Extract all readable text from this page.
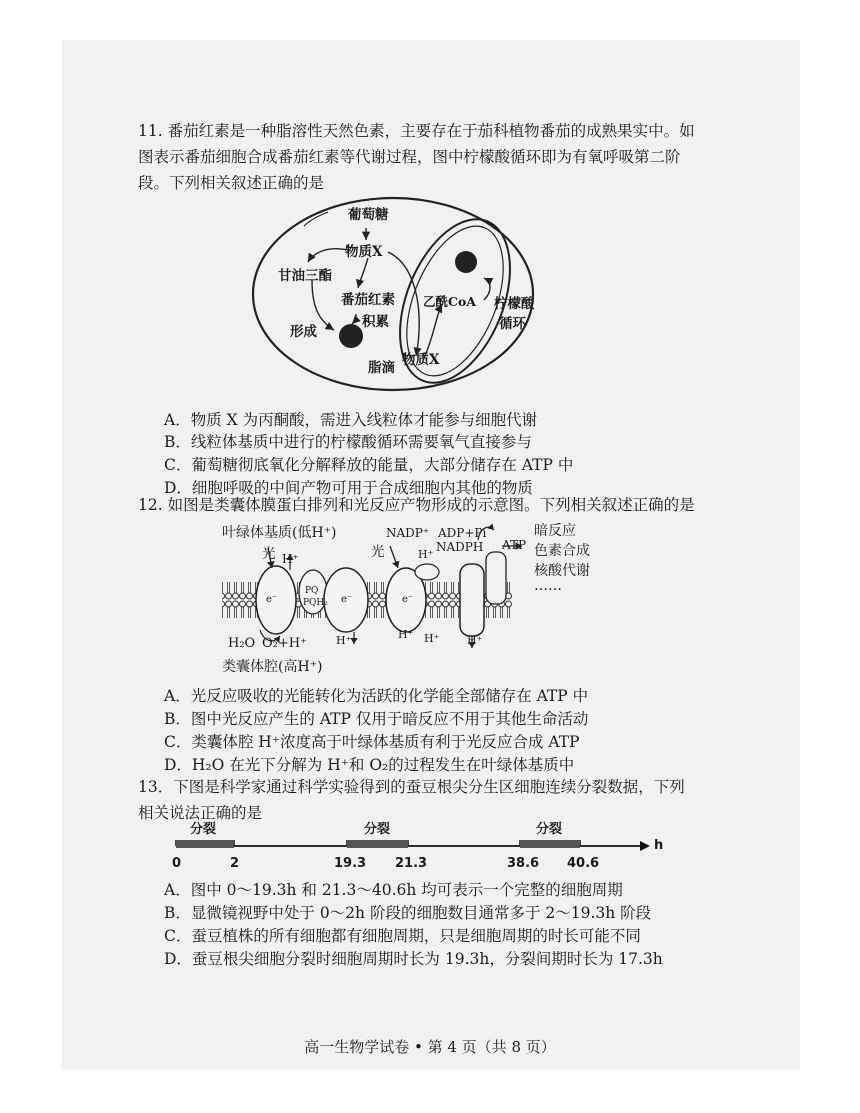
11. 番茄红素是一种脂溶性天然色素，主要存在于茄科植物番茄的成熟果实中。如图表示番茄细胞合成番茄红素等代谢过程，图中柠檬酸循环即为有氧呼吸第二阶段。下列相关叙述正确的是
葡萄糖
物质X
甘油三酯
番茄红素
积累
形成
脂滴
乙酰CoA 柠檬酸
循环
物质X
A．物质 X 为丙酮酸，需进入线粒体才能参与细胞代谢
B．线粒体基质中进行的柠檬酸循环需要氧气直接参与
C．葡萄糖彻底氧化分解释放的能量，大部分储存在 ATP 中
D．细胞呼吸的中间产物可用于合成细胞内其他的物质
12. 如图是类囊体膜蛋白排列和光反应产物形成的示意图。下列相关叙述正确的是
叶绿体基质(低H⁺)
光 H⁺	光
NADP⁺ ADP+Pi
NADPH
H⁺
ATP
暗反应
色素合成
核酸代谢
……
e⁻	e⁻	e⁻
PQ
PQH₂
H⁺	H⁺ H⁺	H⁺
H₂O O₂+H⁺
类囊体腔(高H⁺)
A．光反应吸收的光能转化为活跃的化学能全部储存在 ATP 中
B．图中光反应产生的 ATP 仅用于暗反应不用于其他生命活动
C．类囊体腔 H⁺浓度高于叶绿体基质有利于光反应合成 ATP
D．H₂O 在光下分解为 H⁺和 O₂的过程发生在叶绿体基质中
13．下图是科学家通过科学实验得到的蚕豆根尖分生区细胞连续分裂数据，下列相关说法正确的是
分裂	分裂	分裂
h
0	2	19.3 21.3	38.6 40.6
A．图中 0～19.3h 和 21.3～40.6h 均可表示一个完整的细胞周期
B．显微镜视野中处于 0～2h 阶段的细胞数目通常多于 2～19.3h 阶段
C．蚕豆植株的所有细胞都有细胞周期，只是细胞周期的时长可能不同
D．蚕豆根尖细胞分裂时细胞周期时长为 19.3h，分裂间期时长为 17.3h
高一生物学试卷 • 第 4 页（共 8 页）
